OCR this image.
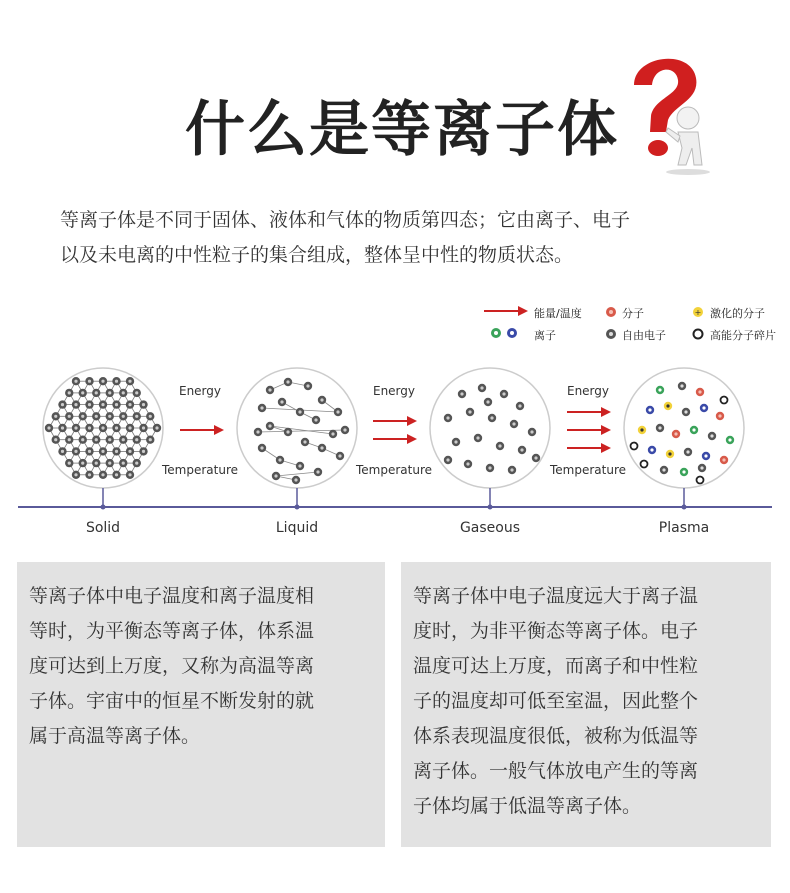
什么是等离子体
等离子体是不同于固体、液体和气体的物质第四态；它由离子、电子
以及未电离的中性粒子的集合组成，整体呈中性的物质状态。
能量/温度	分子	+ 激化的分子
离子	自由电子	高能分子碎片
Energy
Temperature
Energy
Temperature
Energy
Temperature
Solid	Liquid	Gaseous	Plasma
等离子体中电子温度和离子温度相
等时，为平衡态等离子体，体系温
度可达到上万度，又称为高温等离
子体。宇宙中的恒星不断发射的就
属于高温等离子体。
等离子体中电子温度远大于离子温
度时，为非平衡态等离子体。电子
温度可达上万度，而离子和中性粒
子的温度却可低至室温，因此整个
体系表现温度很低，被称为低温等
离子体。一般气体放电产生的等离
子体均属于低温等离子体。
